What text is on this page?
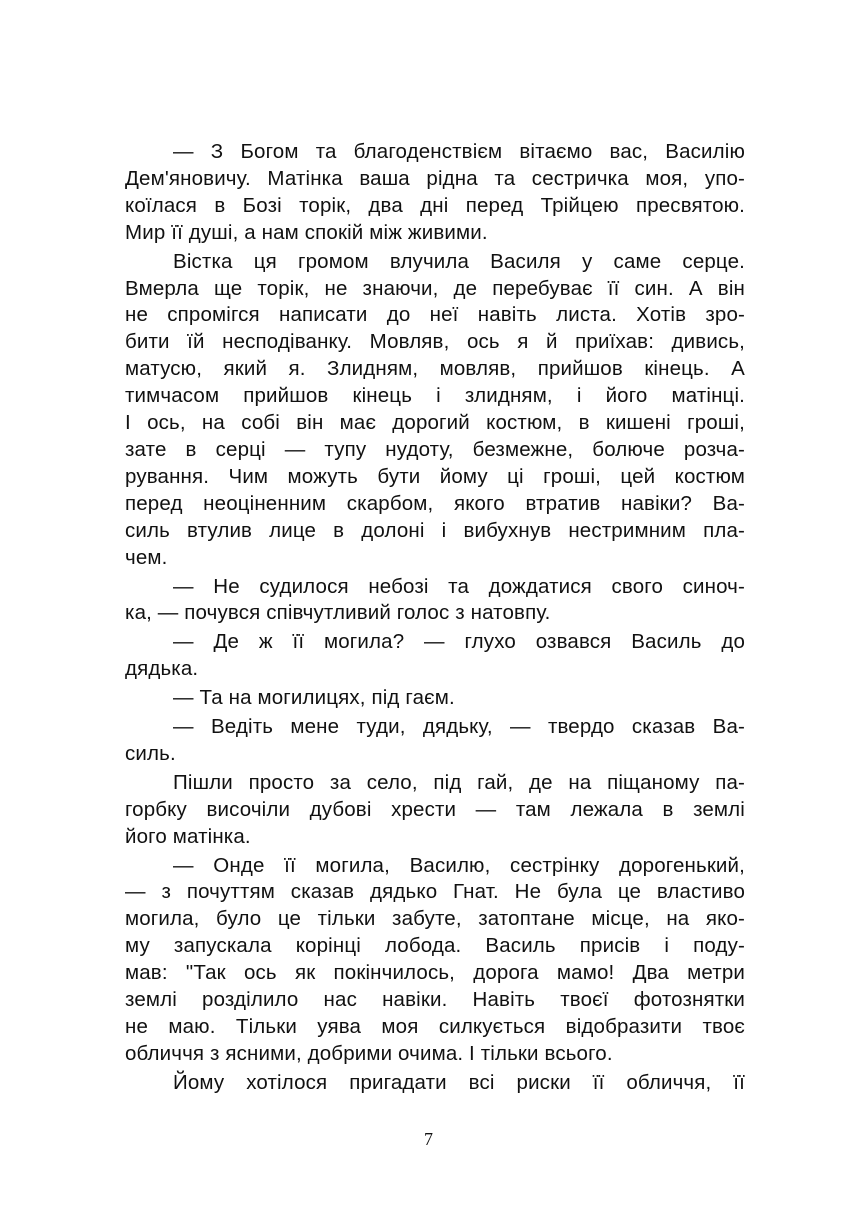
— З Богом та благоденствієм вітаємо вас, Василію
Дем'яновичу. Матінка ваша рідна та сестричка моя, упо-
коїлася в Бозі торік, два дні перед Трійцею пресвятою.
Мир її душі, а нам спокій між живими.
Вістка ця громом влучила Василя у саме серце.
Вмерла ще торік, не знаючи, де перебуває її син. А він
не спромігся написати до неї навіть листа. Хотів зро-
бити їй несподіванку. Мовляв, ось я й приїхав: дивись,
матусю, який я. Злидням, мовляв, прийшов кінець. А
тимчасом прийшов кінець і злидням, і його матінці.
І ось, на собі він має дорогий костюм, в кишені гроші,
зате в серці — тупу нудоту, безмежне, болюче розча-
рування. Чим можуть бути йому ці гроші, цей костюм
перед неоціненним скарбом, якого втратив навіки? Ва-
силь втулив лице в долоні і вибухнув нестримним пла-
чем.
— Не судилося небозі та дождатися свого синоч-
ка, — почувся співчутливий голос з натовпу.
— Де ж її могила? — глухо озвався Василь до
дядька.
— Та на могилицях, під гаєм.
— Ведіть мене туди, дядьку, — твердо сказав Ва-
силь.
Пішли просто за село, під гай, де на піщаному па-
горбку височіли дубові хрести — там лежала в землі
його матінка.
— Онде її могила, Василю, сестрінку дорогенький,
— з почуттям сказав дядько Гнат. Не була це властиво
могила, було це тільки забуте, затоптане місце, на яко-
му запускала корінці лобода. Василь присів і поду-
мав: "Так ось як покінчилось, дорога мамо! Два метри
землі розділило нас навіки. Навіть твоєї фотознятки
не маю. Тільки уява моя силкується відобразити твоє
обличчя з ясними, добрими очима. І тільки всього.
Йому хотілося пригадати всі риски її обличчя, її
7
